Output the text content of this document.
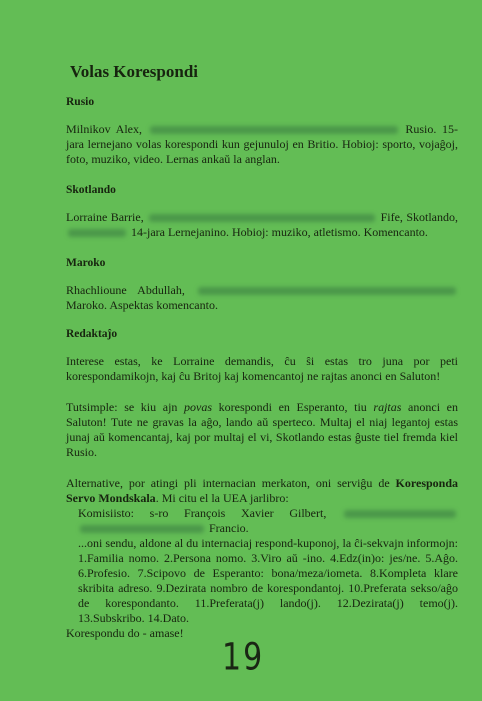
Volas Korespondi
Rusio
Milnikov Alex,	Rusio. 15-jara lernejano volas korespondi kun gejunuloj en Britio. Hobioj: sporto, vojaĝoj, foto, muziko, video. Lernas ankaŭ la anglan.
Skotlando
Lorraine Barrie,	Fife, Skotlando,  14-jara Lernejanino. Hobioj: muziko, atletismo. Komencanto.
Maroko
Rhachlioune Abdullah,  Maroko. Aspektas komencanto.
Redaktaĵo
Interese estas, ke Lorraine demandis, ĉu ŝi estas tro juna por peti korespondamikojn, kaj ĉu Britoj kaj komencantoj ne rajtas anonci en Saluton!
Tutsimple: se kiu ajn povas korespondi en Esperanto, tiu rajtas anonci en Saluton! Tute ne gravas la aĝo, lando aŭ sperteco. Multaj el niaj legantoj estas junaj aŭ komencantaj, kaj por multaj el vi, Skotlando estas ĝuste tiel fremda kiel Rusio.
Alternative, por atingi pli internacian merkaton, oni serviĝu de Koresponda Servo Mondskala. Mi citu el la UEA jarlibro:
Komisiisto: s-ro François Xavier Gilbert,   Francio.
...oni sendu, aldone al du internaciaj respond-kuponoj, la ĉi-sekvajn informojn: 1.Familia nomo. 2.Persona nomo. 3.Viro aŭ -ino. 4.Edz(in)o: jes/ne. 5.Aĝo. 6.Profesio. 7.Scipovo de Esperanto: bona/meza/iometa. 8.Kompleta klare skribita adreso. 9.Dezirata nombro de korespondantoj. 10.Preferata sekso/aĝo de korespondanto. 11.Preferata(j) lando(j). 12.Dezirata(j) temo(j). 13.Subskribo. 14.Dato.
Korespondu do - amase!
19
